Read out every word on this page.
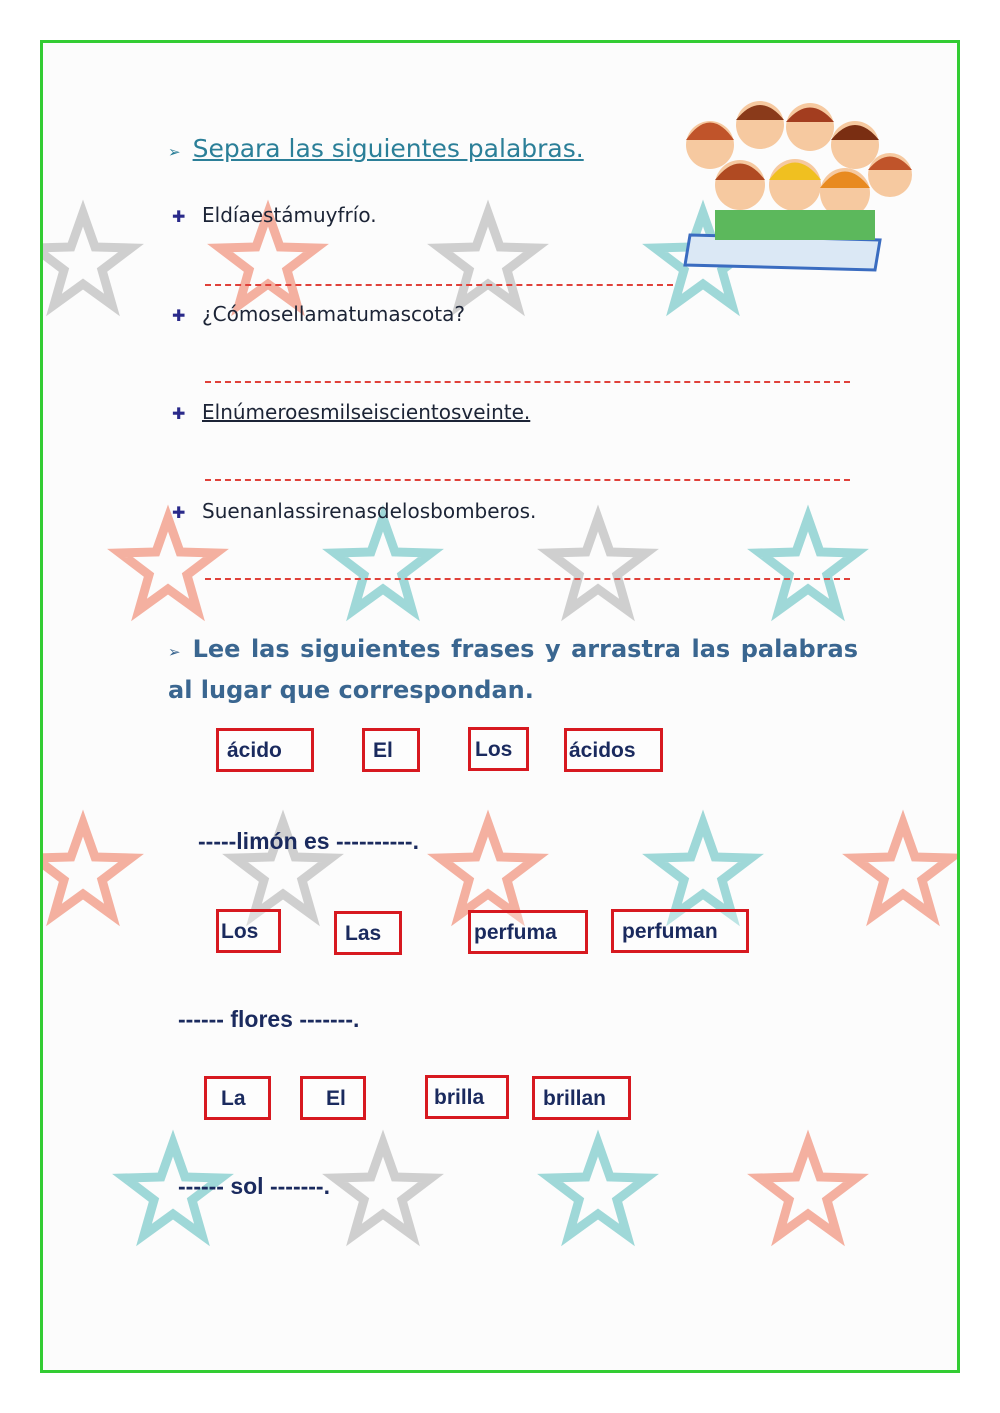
➢ Separa las siguientes palabras.
✚ Eldíaestámuyfrío.
✚ ¿Cómosellamatumascota?
✚ Elnúmeroesmilseiscientosveinte.
✚ Suenanlassirenasdelosbomberos.
➢ Lee las siguientes frases y arrastra las palabras al lugar que correspondan.
ácido	El	Los	ácidos
-----limón es ----------.
Los	Las	perfuma	perfuman
------ flores -------.
La	El	brilla	brillan
------ sol -------.
